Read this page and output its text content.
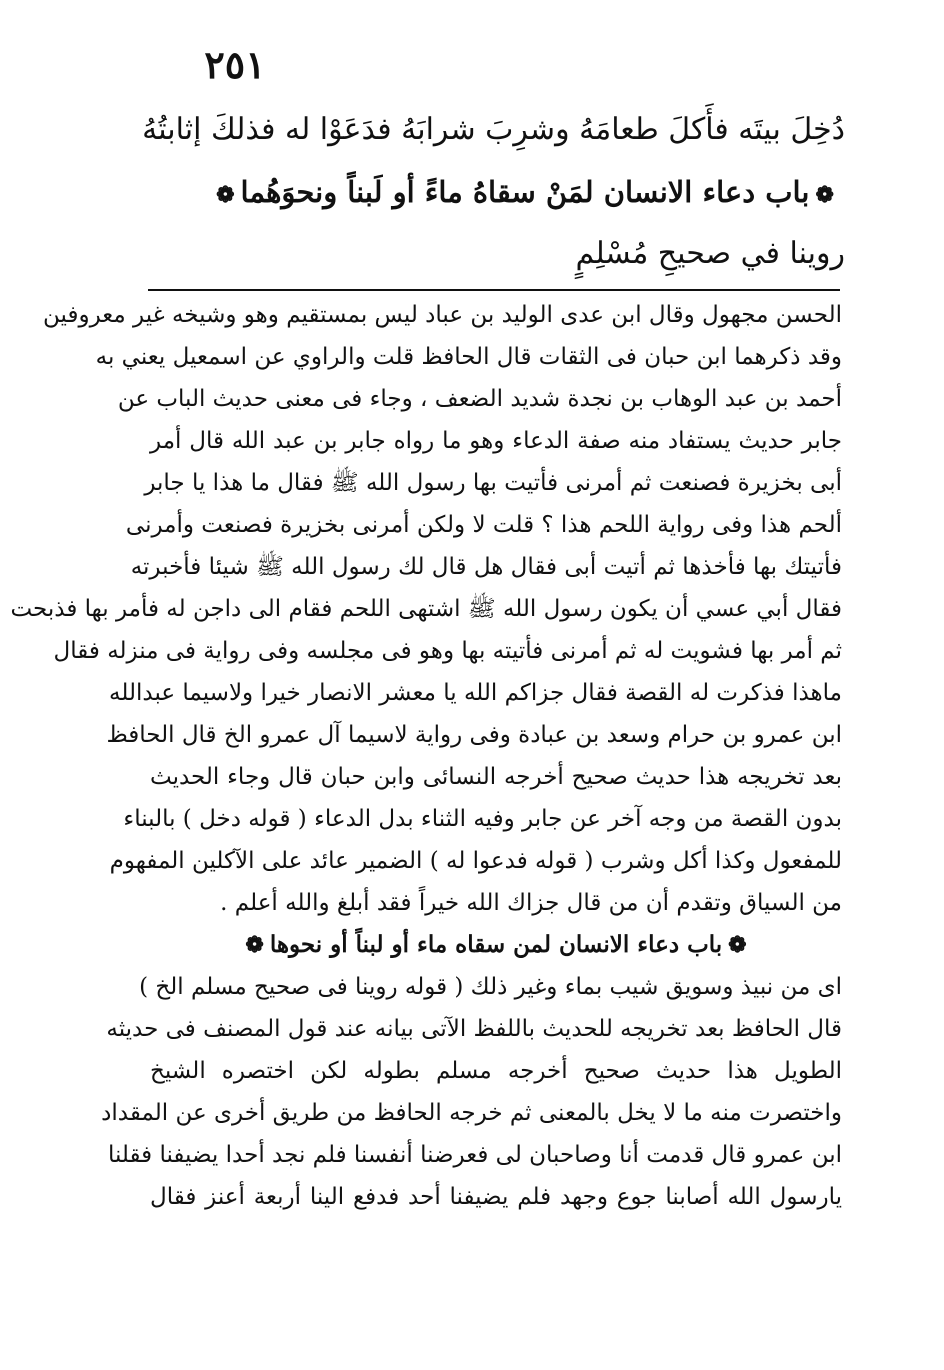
٢٥١
دُخِلَ بيتَه فأَكلَ طعامَهُ وشرِبَ شرابَهُ فدَعَوْا له فذلكَ إثابتُهُ
❁باب دعاء الانسان لمَنْ سقاهُ ماءً أو لَبناً ونحوَهُما❁
روينا في صحيحِ مُسْلِمٍ
الحسن مجهول وقال ابن عدى الوليد بن عباد ليس بمستقيم وهو وشيخه غير معروفين
وقد ذكرهما ابن حبان فى الثقات قال الحافظ قلت والراوي عن اسمعيل يعني به
أحمد بن عبد الوهاب بن نجدة شديد الضعف ، وجاء فى معنى حديث الباب عن
جابر حديث يستفاد منه صفة الدعاء وهو ما رواه جابر بن عبد الله قال أمر
أبى بخزيرة فصنعت ثم أمرنى فأتيت بها رسول الله ﷺ فقال ما هذا يا جابر
ألحم هذا وفى رواية اللحم هذا ؟ قلت لا ولكن أمرنى بخزيرة فصنعت وأمرنى
فأتيتك بها فأخذها ثم أتيت أبى فقال هل قال لك رسول الله ﷺ شيئا فأخبرته
فقال أبي عسي أن يكون رسول الله ﷺ اشتهى اللحم فقام الى داجن له فأمر بها فذبحت
ثم أمر بها فشويت له ثم أمرنى فأتيته بها وهو فى مجلسه وفى رواية فى منزله فقال
ماهذا فذكرت له القصة فقال جزاكم الله يا معشر الانصار خيرا ولاسيما عبدالله
ابن عمرو بن حرام وسعد بن عبادة وفى رواية لاسيما آل عمرو الخ قال الحافظ
بعد تخريجه هذا حديث صحيح أخرجه النسائى وابن حبان قال وجاء الحديث
بدون القصة من وجه آخر عن جابر وفيه الثناء بدل الدعاء ( قوله دخل ) بالبناء
للمفعول وكذا أكل وشرب ( قوله فدعوا له ) الضمير عائد على الآكلين المفهوم
من السياق وتقدم أن من قال جزاك الله خيراً فقد أبلغ والله أعلم .
❁باب دعاء الانسان لمن سقاه ماء أو لبناً أو نحوها❁
اى من نبيذ وسويق شيب بماء وغير ذلك ( قوله روينا فى صحيح مسلم الخ )
قال الحافظ بعد تخريجه للحديث باللفظ الآتى بيانه عند قول المصنف فى حديثه
الطويل هذا حديث صحيح أخرجه مسلم بطوله لكن اختصره الشيخ
واختصرت منه ما لا يخل بالمعنى ثم خرجه الحافظ من طريق أخرى عن المقداد
ابن عمرو قال قدمت أنا وصاحبان لى فعرضنا أنفسنا فلم نجد أحدا يضيفنا فقلنا
يارسول الله أصابنا جوع وجهد فلم يضيفنا أحد فدفع الينا أربعة أعنز فقال
